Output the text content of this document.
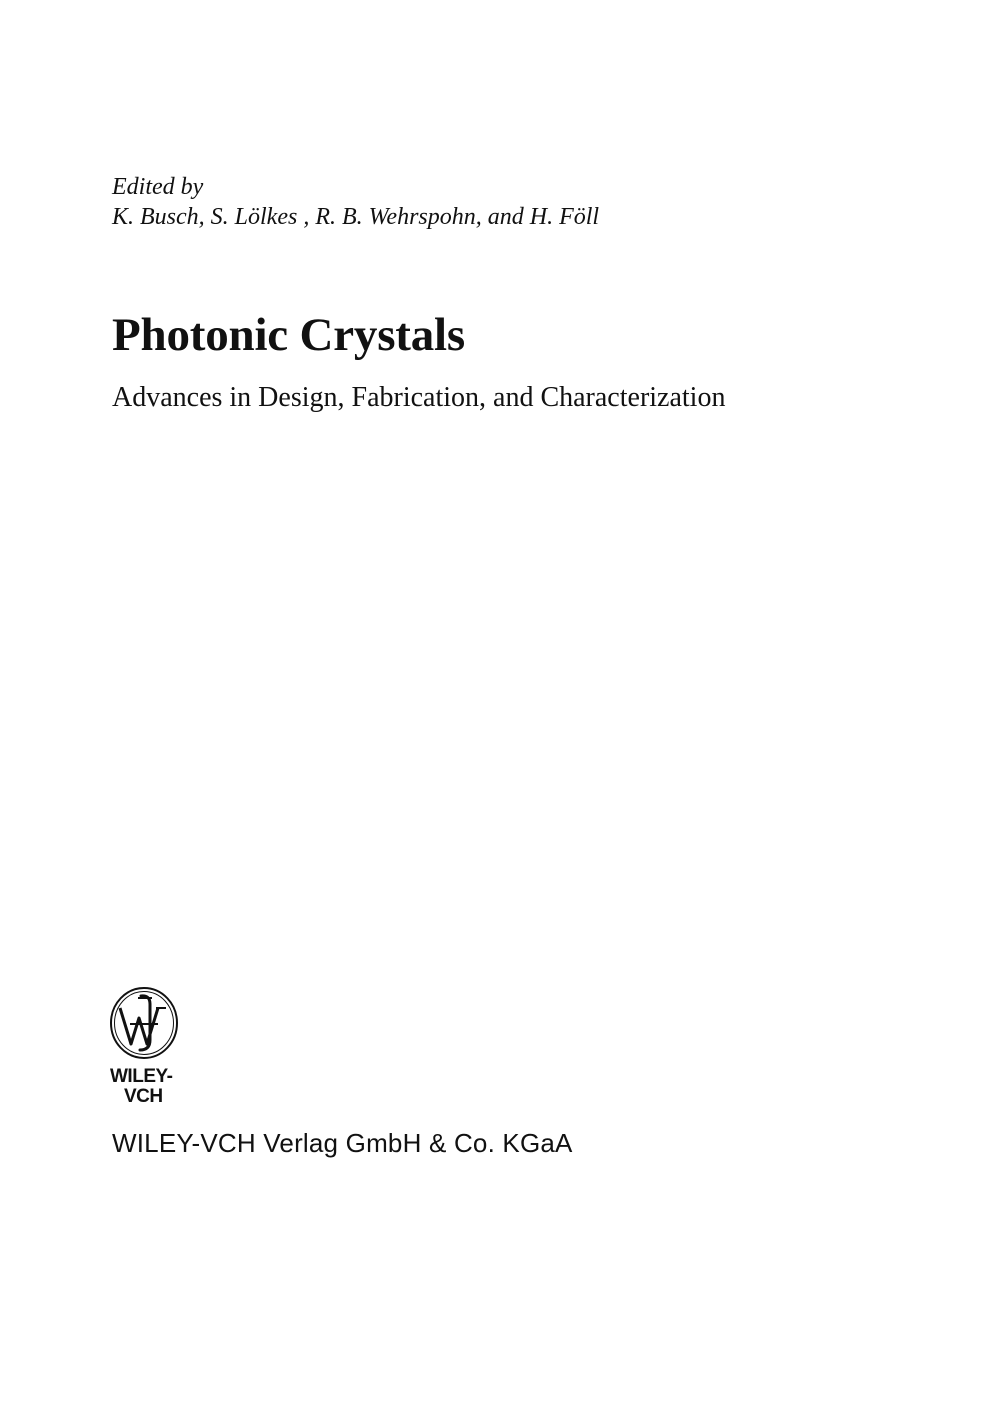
Edited by
K. Busch, S. Lölkes , R. B. Wehrspohn, and H. Föll
Photonic Crystals
Advances in Design, Fabrication, and Characterization
WILEY-
VCH
WILEY-VCH Verlag GmbH & Co. KGaA
